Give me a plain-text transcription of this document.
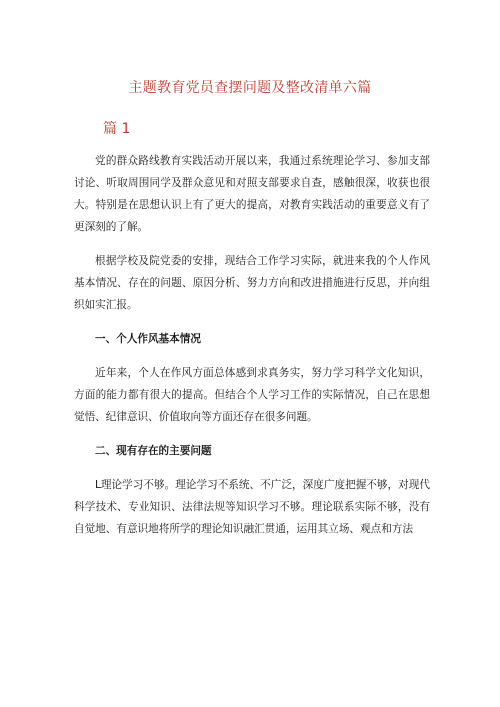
主题教育党员查摆问题及整改清单六篇
篇 1

党的群众路线教育实践活动开展以来，我通过系统理论学习、参加支部讨论、听取周围同学及群众意见和对照支部要求自查，感触很深，收获也很大。特别是在思想认识上有了更大的提高，对教育实践活动的重要意义有了更深刻的了解。

根据学校及院党委的安排，现结合工作学习实际，就进来我的个人作风基本情况、存在的问题、原因分析、努力方向和改进措施进行反思，并向组织如实汇报。

一、个人作风基本情况

近年来，个人在作风方面总体感到求真务实，努力学习科学文化知识，方面的能力都有很大的提高。但结合个人学习工作的实际情况，自己在思想觉悟、纪律意识、价值取向等方面还存在很多问题。

二、现有存在的主要问题

L理论学习不够。理论学习不系统、不广泛，深度广度把握不够，对现代科学技术、专业知识、法律法规等知识学习不够。理论联系实际不够，没有自觉地、有意识地将所学的理论知识融汇贯通，运用其立场、观点和方法
